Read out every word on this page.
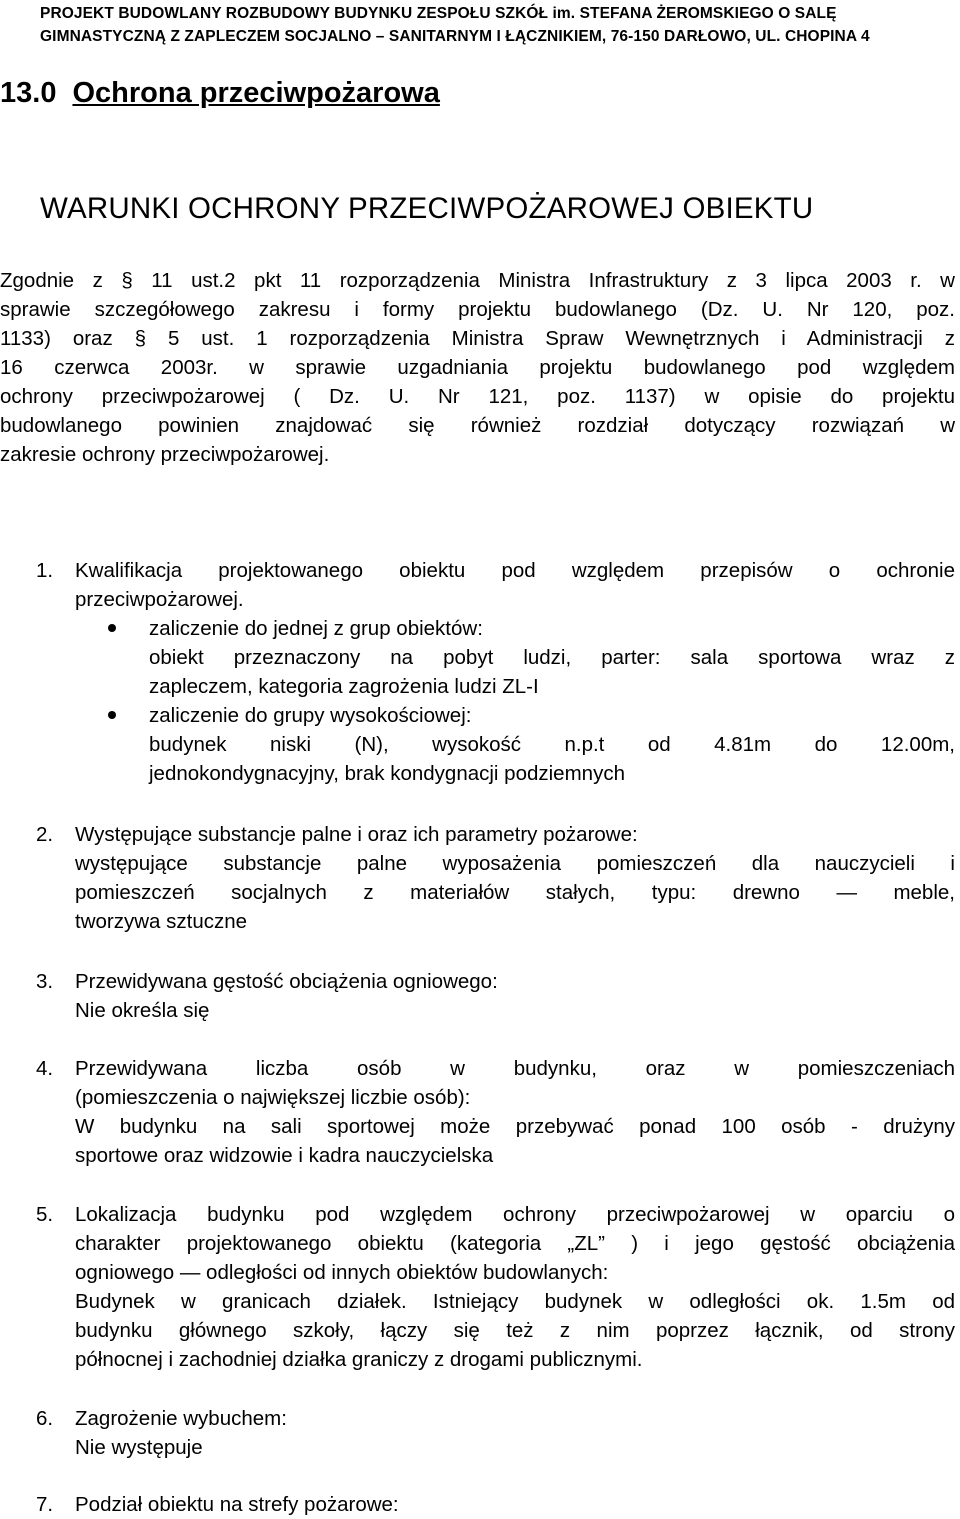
PROJEKT BUDOWLANY ROZBUDOWY BUDYNKU ZESPOŁU SZKÓŁ im. STEFANA ŻEROMSKIEGO O SALĘ
GIMNASTYCZNĄ Z ZAPLECZEM SOCJALNO – SANITARNYM I ŁĄCZNIKIEM, 76-150 DARŁOWO, UL. CHOPINA 4
13.0 Ochrona przeciwpożarowa
WARUNKI OCHRONY PRZECIWPOŻAROWEJ OBIEKTU
Zgodnie z § 11 ust.2 pkt 11 rozporządzenia Ministra Infrastruktury z 3 lipca 2003 r. w
sprawie szczegółowego zakresu i formy projektu budowlanego (Dz. U. Nr 120, poz.
1133) oraz § 5 ust. 1 rozporządzenia Ministra Spraw Wewnętrznych i Administracji z
16 czerwca 2003r. w sprawie uzgadniania projektu budowlanego pod względem
ochrony przeciwpożarowej ( Dz. U. Nr 121, poz. 1137) w opisie do projektu
budowlanego powinien znajdować się również rozdział dotyczący rozwiązań w
zakresie ochrony przeciwpożarowej.
1. Kwalifikacja projektowanego obiektu pod względem przepisów o ochronie
przeciwpożarowej.
zaliczenie do jednej z grup obiektów:
obiekt przeznaczony na pobyt ludzi, parter: sala sportowa wraz z
zapleczem, kategoria zagrożenia ludzi ZL-I
zaliczenie do grupy wysokościowej:
budynek niski (N), wysokość n.p.t od 4.81m do 12.00m,
jednokondygnacyjny, brak kondygnacji podziemnych
2. Występujące substancje palne i oraz ich parametry pożarowe:
występujące substancje palne wyposażenia pomieszczeń dla nauczycieli i
pomieszczeń socjalnych z materiałów stałych, typu: drewno — meble,
tworzywa sztuczne
3. Przewidywana gęstość obciążenia ogniowego:
Nie określa się
4. Przewidywana liczba osób w budynku, oraz w pomieszczeniach
(pomieszczenia o największej liczbie osób):
W budynku na sali sportowej może przebywać ponad 100 osób - drużyny
sportowe oraz widzowie i kadra nauczycielska
5. Lokalizacja budynku pod względem ochrony przeciwpożarowej w oparciu o
charakter projektowanego obiektu (kategoria „ZL” ) i jego gęstość obciążenia
ogniowego — odległości od innych obiektów budowlanych:
Budynek w granicach działek. Istniejący budynek w odległości ok. 1.5m od
budynku głównego szkoły, łączy się też z nim poprzez łącznik, od strony
północnej i zachodniej działka graniczy z drogami publicznymi.
6. Zagrożenie wybuchem:
Nie występuje
7. Podział obiektu na strefy pożarowe:
